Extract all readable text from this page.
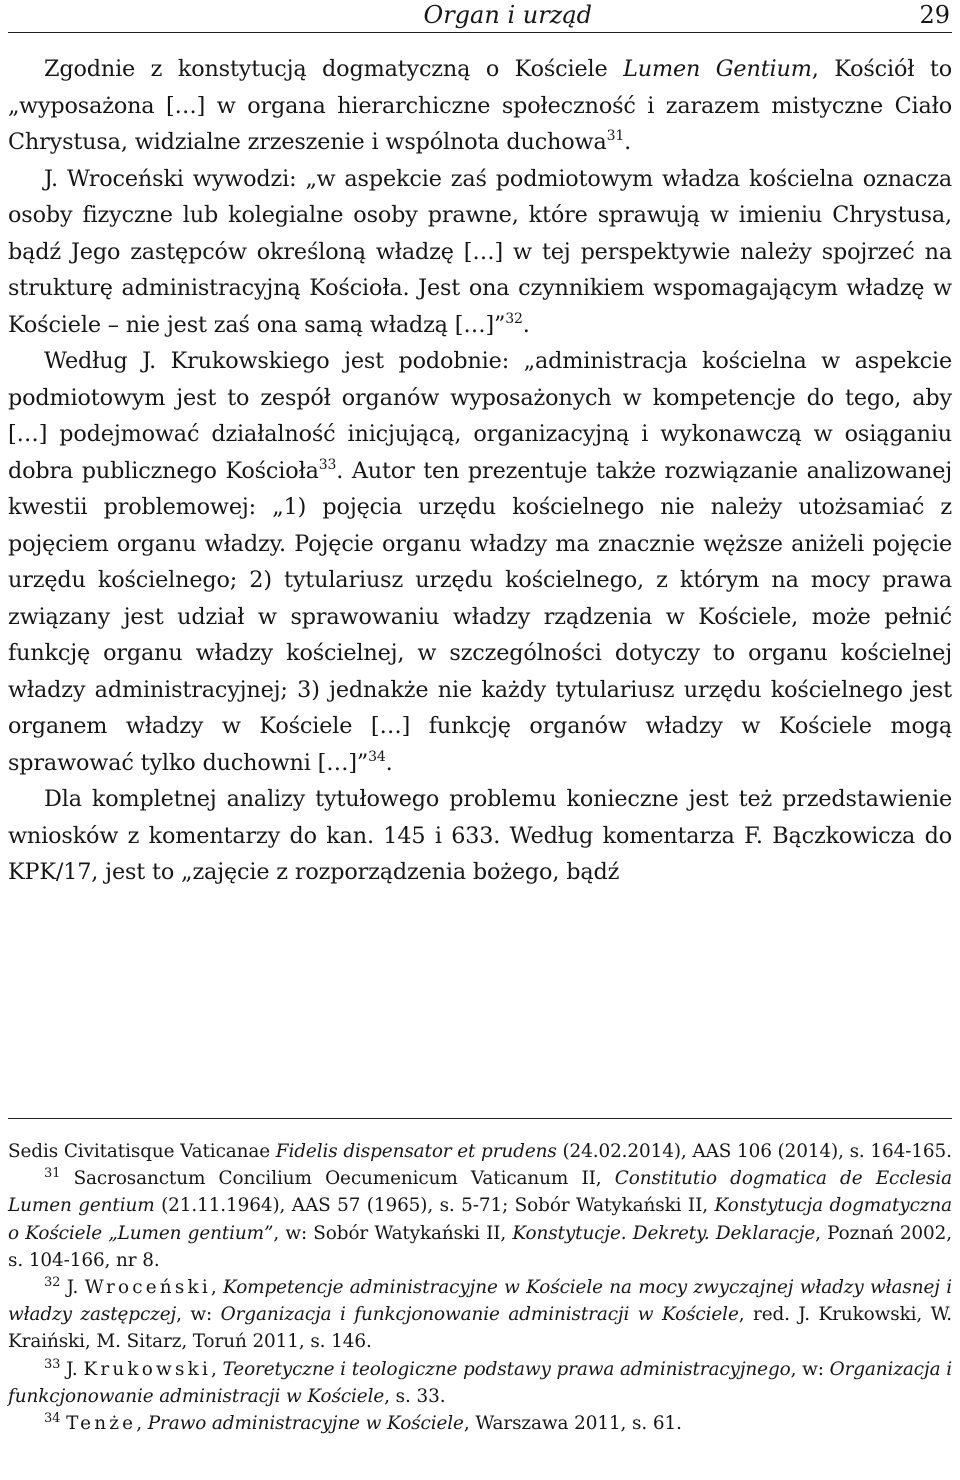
Organ i urząd	29

Zgodnie z konstytucją dogmatyczną o Kościele Lumen Gentium, Kościół to „wyposażona […] w organa hierarchiczne społeczność i zarazem mistyczne Ciało Chrystusa, widzialne zrzeszenie i wspólnota duchowa$^{31}$.

J. Wroceński wywodzi: „w aspekcie zaś podmiotowym władza kościelna oznacza osoby fizyczne lub kolegialne osoby prawne, które sprawują w imieniu Chrystusa, bądź Jego zastępców określoną władzę […] w tej perspektywie należy spojrzeć na strukturę administracyjną Kościoła. Jest ona czynnikiem wspomagającym władzę w Kościele – nie jest zaś ona samą władzą […]”$^{32}$.

Według J. Krukowskiego jest podobnie: „administracja kościelna w aspekcie podmiotowym jest to zespół organów wyposażonych w kompetencje do tego, aby […] podejmować działalność inicjującą, organizacyjną i wykonawczą w osiąganiu dobra publicznego Kościoła$^{33}$. Autor ten prezentuje także rozwiązanie analizowanej kwestii problemowej: „1) pojęcia urzędu kościelnego nie należy utożsamiać z pojęciem organu władzy. Pojęcie organu władzy ma znacznie węższe aniżeli pojęcie urzędu kościelnego; 2) tytulariusz urzędu kościelnego, z którym na mocy prawa związany jest udział w sprawowaniu władzy rządzenia w Kościele, może pełnić funkcję organu władzy kościelnej, w szczególności dotyczy to organu kościelnej władzy administracyjnej; 3) jednakże nie każdy tytulariusz urzędu kościelnego jest organem władzy w Kościele […] funkcję organów władzy w Kościele mogą sprawować tylko duchowni […]”$^{34}$.

Dla kompletnej analizy tytułowego problemu konieczne jest też przedstawienie wniosków z komentarzy do kan. 145 i 633. Według komentarza F. Bączkowicza do KPK/17, jest to „zajęcie z rozporządzenia bożego, bądź

Sedis Civitatisque Vaticanae Fidelis dispensator et prudens (24.02.2014), AAS 106 (2014), s. 164-165.

$^{31}$ Sacrosanctum Concilium Oecumenicum Vaticanum II, Constitutio dogmatica de Ecclesia Lumen gentium (21.11.1964), AAS 57 (1965), s. 5-71; Sobór Watykański II, Konstytucja dogmatyczna o Kościele „Lumen gentium”, w: Sobór Watykański II, Konstytucje. Dekrety. Deklaracje, Poznań 2002, s. 104-166, nr 8.

$^{32}$ J. Wroceński, Kompetencje administracyjne w Kościele na mocy zwyczajnej władzy własnej i władzy zastępczej, w: Organizacja i funkcjonowanie administracji w Kościele, red. J. Krukowski, W. Kraiński, M. Sitarz, Toruń 2011, s. 146.

$^{33}$ J. Krukowski, Teoretyczne i teologiczne podstawy prawa administracyjnego, w: Organizacja i funkcjonowanie administracji w Kościele, s. 33.

$^{34}$ Tenże, Prawo administracyjne w Kościele, Warszawa 2011, s. 61.
